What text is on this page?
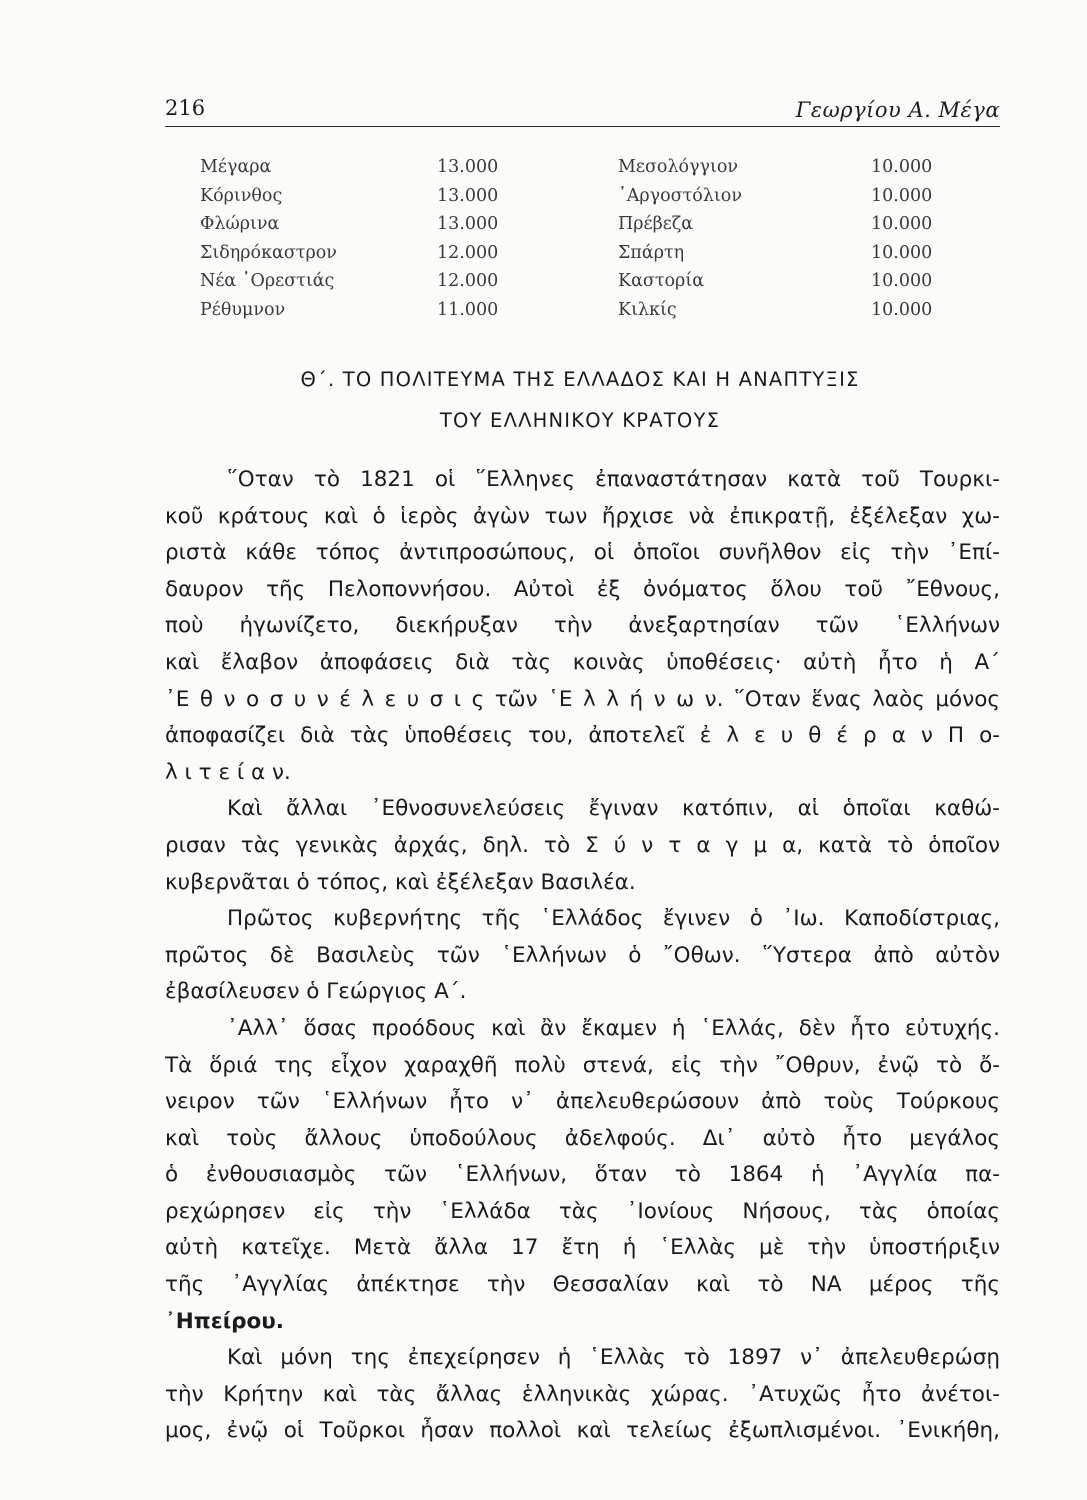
216	Γεωργίου Α. Μέγα
Μέγαρα	13.000	Μεσολόγγιον	10.000
Κόρινθος	13.000	᾿Αργοστόλιον	10.000
Φλώρινα	13.000	Πρέβεζα	10.000
Σιδηρόκαστρον	12.000	Σπάρτη	10.000
Νέα ᾿Ορεστιάς	12.000	Καστορία	10.000
Ρέθυμνον	11.000	Κιλκίς	10.000
Θ΄. ΤΟ ΠΟΛΙΤΕΥΜΑ ΤΗΣ ΕΛΛΑΔΟΣ ΚΑΙ Η ΑΝΑΠΤΥΞΙΣ
ΤΟΥ ΕΛΛΗΝΙΚΟΥ ΚΡΑΤΟΥΣ
῞Οταν τὸ 1821 οἱ ῞Ελληνες ἐπαναστάτησαν κατὰ τοῦ Τουρκι-
κοῦ κράτους καὶ ὁ ἱερὸς ἀγὼν των ἤρχισε νὰ ἐπικρατῇ, ἐξέλεξαν χω-
ριστὰ κάθε τόπος ἀντιπροσώπους, οἱ ὁποῖοι συνῆλθον εἰς τὴν ᾿Επί-
δαυρον τῆς Πελοποννήσου. Αὐτοὶ ἐξ ὀνόματος ὅλου τοῦ ῎Εθνους,
ποὺ ἠγωνίζετο, διεκήρυξαν τὴν ἀνεξαρτησίαν τῶν ῾Ελλήνων
καὶ ἔλαβον ἀποφάσεις διὰ τὰς κοινὰς ὑποθέσεις· αὐτὴ ἦτο ἡ Α΄
᾿Ε θ ν ο σ υ ν έ λ ε υ σ ι ς τῶν ῾Ε λ λ ή ν ω ν. ῞Οταν ἕνας λαὸς μόνος
ἀποφασίζει διὰ τὰς ὑποθέσεις του, ἀποτελεῖ ἐ λ ε υ θ έ ρ α ν Π ο-
λ ι τ ε ί α ν.
Καὶ ἄλλαι ᾿Εθνοσυνελεύσεις ἔγιναν κατόπιν, αἱ ὁποῖαι καθώ-
ρισαν τὰς γενικὰς ἀρχάς, δηλ. τὸ Σ ύ ν τ α γ μ α, κατὰ τὸ ὁποῖον
κυβερνᾶται ὁ τόπος, καὶ ἐξέλεξαν Βασιλέα.
Πρῶτος κυβερνήτης τῆς ῾Ελλάδος ἔγινεν ὁ ᾿Ιω. Καποδίστριας,
πρῶτος δὲ Βασιλεὺς τῶν ῾Ελλήνων ὁ ῎Οθων. ῞Υστερα ἀπὸ αὐτὸν
ἐβασίλευσεν ὁ Γεώργιος Α΄.
᾿Αλλ᾿ ὅσας προόδους καὶ ἂν ἔκαμεν ἡ ῾Ελλάς, δὲν ἦτο εὐτυχής.
Τὰ ὅριά της εἶχον χαραχθῆ πολὺ στενά, εἰς τὴν ῎Οθρυν, ἐνῷ τὸ ὄ-
νειρον τῶν ῾Ελλήνων ἦτο ν᾿ ἀπελευθερώσουν ἀπὸ τοὺς Τούρκους
καὶ τοὺς ἄλλους ὑποδούλους ἀδελφούς. Δι᾿ αὐτὸ ἦτο μεγάλος
ὁ ἐνθουσιασμὸς τῶν ῾Ελλήνων, ὅταν τὸ 1864 ἡ ᾿Αγγλία πα-
ρεχώρησεν εἰς τὴν ῾Ελλάδα τὰς ᾿Ιονίους Νήσους, τὰς ὁποίας
αὐτὴ κατεῖχε. Μετὰ ἄλλα 17 ἔτη ἡ ῾Ελλὰς μὲ τὴν ὑποστήριξιν
τῆς ᾿Αγγλίας ἀπέκτησε τὴν Θεσσαλίαν καὶ τὸ ΝΑ μέρος τῆς
᾿Ηπείρου.
Καὶ μόνη της ἐπεχείρησεν ἡ ῾Ελλὰς τὸ 1897 ν᾿ ἀπελευθερώσῃ
τὴν Κρήτην καὶ τὰς ἄλλας ἑλληνικὰς χώρας. ᾿Ατυχῶς ἦτο ἀνέτοι-
μος, ἐνῷ οἱ Τοῦρκοι ἦσαν πολλοὶ καὶ τελείως ἐξωπλισμένοι. ᾿Ενικήθη,
